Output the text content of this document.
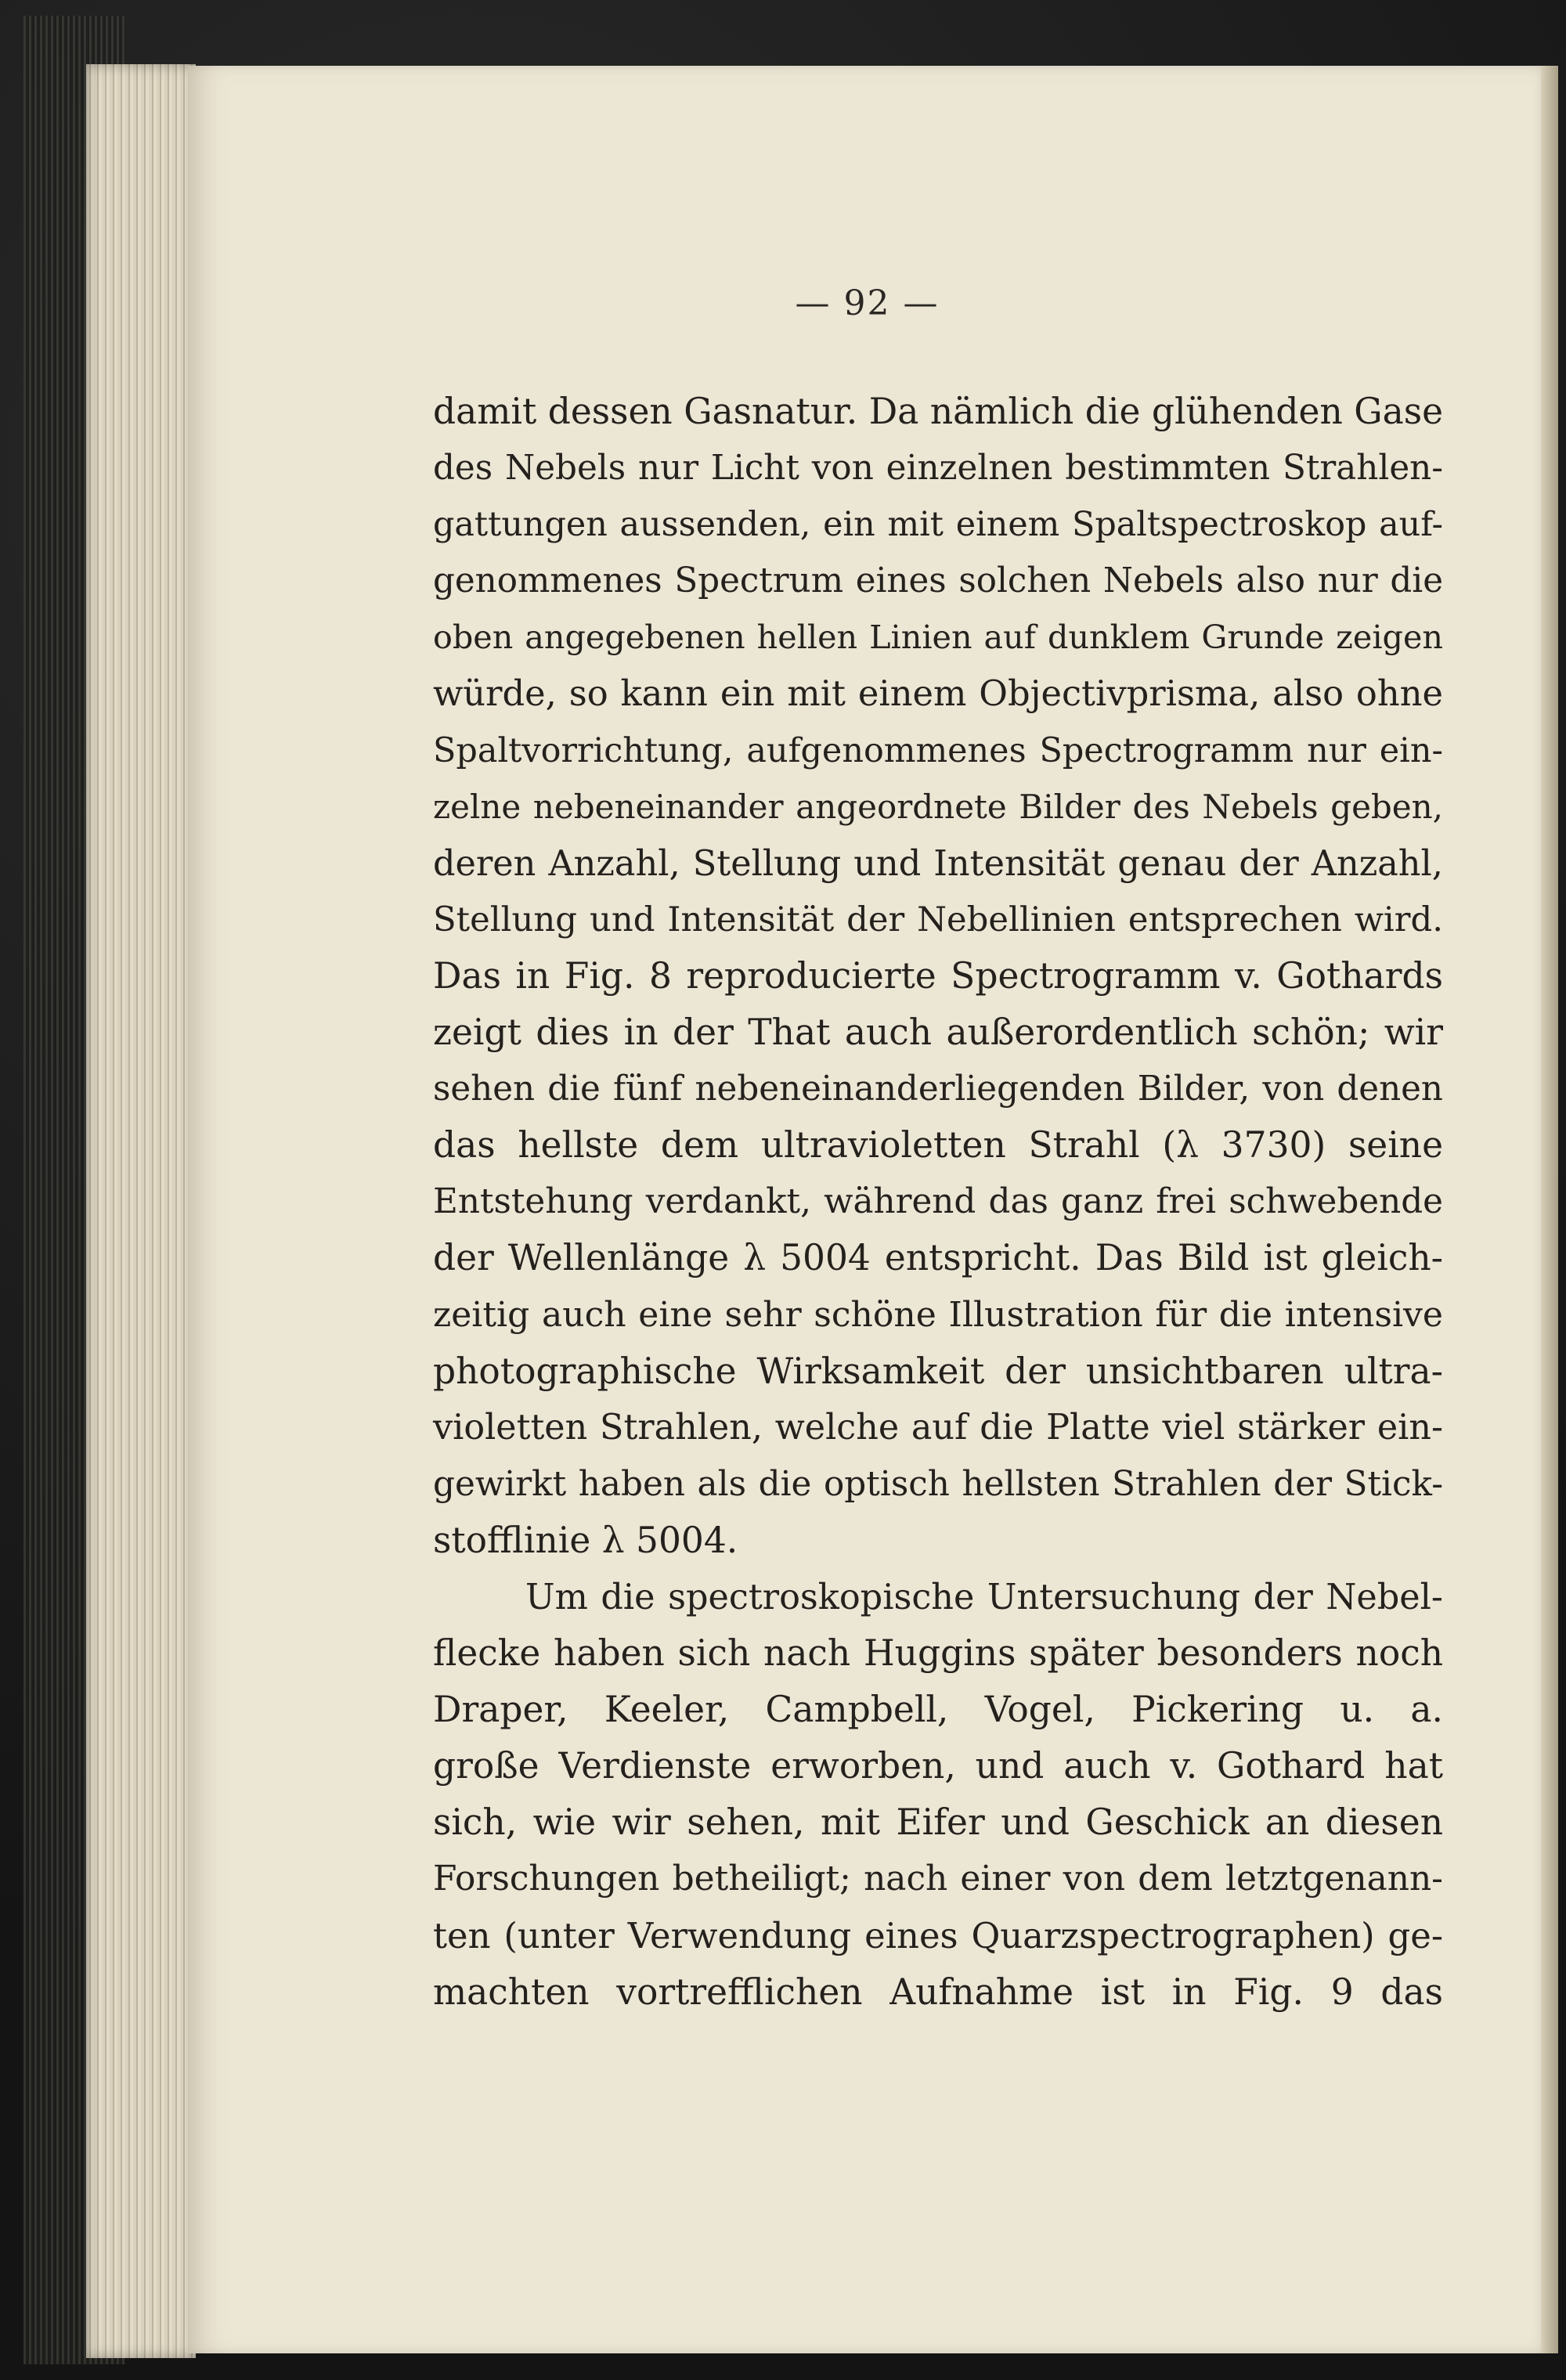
— 92 —
damit dessen Gasnatur. Da nämlich die glühenden Gase
des Nebels nur Licht von einzelnen bestimmten Strahlen-
gattungen aussenden, ein mit einem Spaltspectroskop auf-
genommenes Spectrum eines solchen Nebels also nur die
oben angegebenen hellen Linien auf dunklem Grunde zeigen
würde, so kann ein mit einem Objectivprisma, also ohne
Spaltvorrichtung, aufgenommenes Spectrogramm nur ein-
zelne nebeneinander angeordnete Bilder des Nebels geben,
deren Anzahl, Stellung und Intensität genau der Anzahl,
Stellung und Intensität der Nebellinien entsprechen wird.
Das in Fig. 8 reproducierte Spectrogramm v. Gothards
zeigt dies in der That auch außerordentlich schön; wir
sehen die fünf nebeneinanderliegenden Bilder, von denen
das hellste dem ultravioletten Strahl (λ 3730) seine
Entstehung verdankt, während das ganz frei schwebende
der Wellenlänge λ 5004 entspricht. Das Bild ist gleich-
zeitig auch eine sehr schöne Illustration für die intensive
photographische Wirksamkeit der unsichtbaren ultra-
violetten Strahlen, welche auf die Platte viel stärker ein-
gewirkt haben als die optisch hellsten Strahlen der Stick-
stofflinie λ 5004.
Um die spectroskopische Untersuchung der Nebel-
flecke haben sich nach Huggins später besonders noch
Draper, Keeler, Campbell, Vogel, Pickering u. a.
große Verdienste erworben, und auch v. Gothard hat
sich, wie wir sehen, mit Eifer und Geschick an diesen
Forschungen betheiligt; nach einer von dem letztgenann-
ten (unter Verwendung eines Quarzspectrographen) ge-
machten vortrefflichen Aufnahme ist in Fig. 9 das
